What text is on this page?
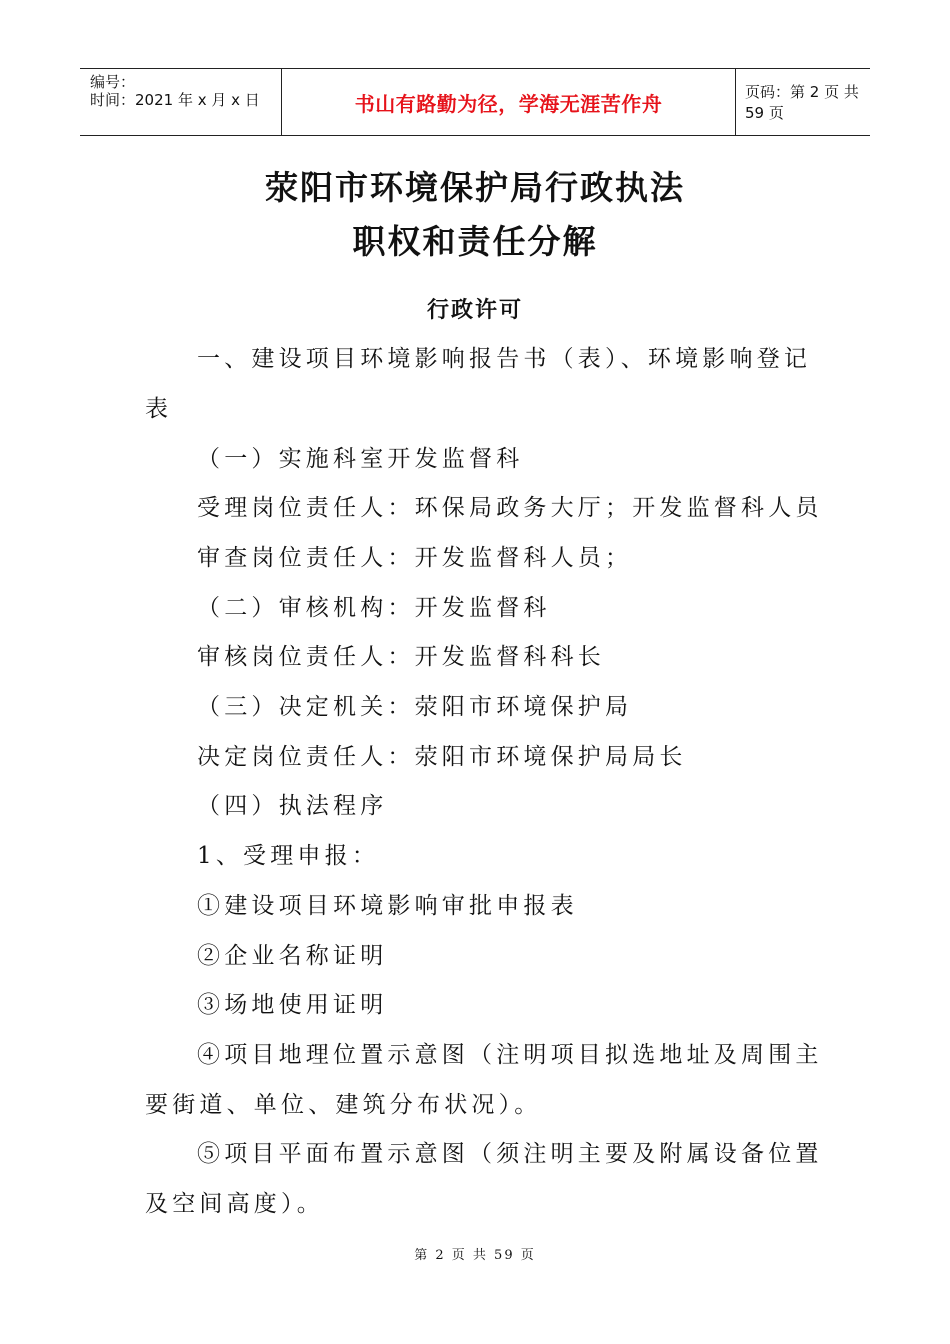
编号：
时间：2021 年 x 月 x 日	书山有路勤为径，学海无涯苦作舟	页码：第 2 页 共 59 页
荥阳市环境保护局行政执法
职权和责任分解
行政许可
一、建设项目环境影响报告书（表）、环境影响登记
表
（一）实施科室开发监督科
受理岗位责任人：环保局政务大厅；开发监督科人员
审查岗位责任人：开发监督科人员；
（二）审核机构：开发监督科
审核岗位责任人：开发监督科科长
（三）决定机关：荥阳市环境保护局
决定岗位责任人：荥阳市环境保护局局长
（四）执法程序
1、受理申报：
①建设项目环境影响审批申报表
②企业名称证明
③场地使用证明
④项目地理位置示意图（注明项目拟选地址及周围主
要街道、单位、建筑分布状况）。
⑤项目平面布置示意图（须注明主要及附属设备位置
及空间高度）。
第 2 页 共 59 页
